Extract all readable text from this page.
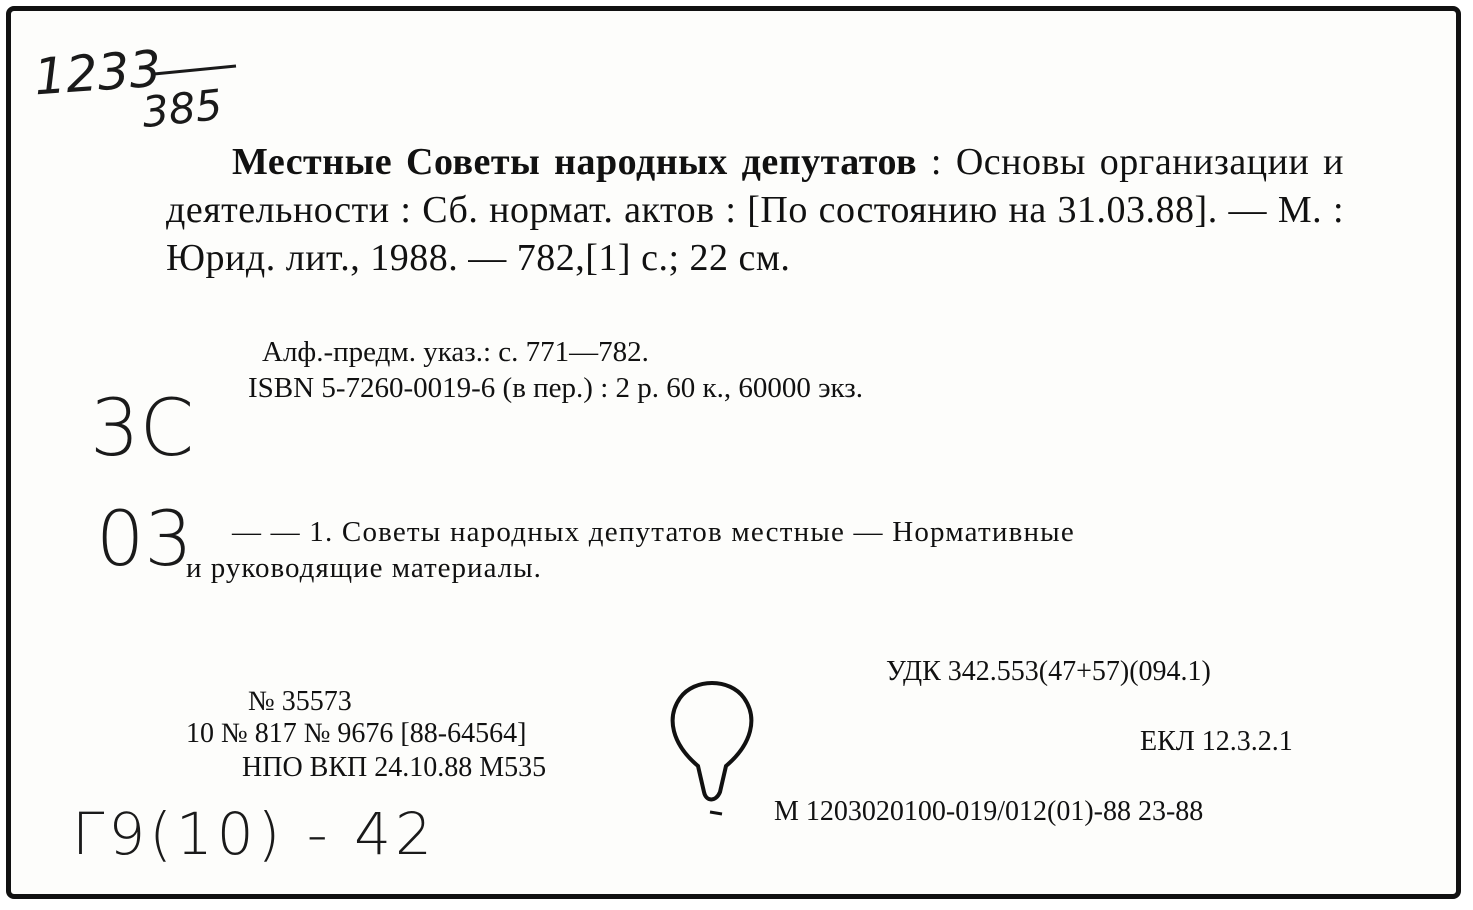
1233
385
Местные Советы народных депутатов : Основы организации и деятельности : Сб. нормат. актов : [По состоянию на 31.03.88]. — М. : Юрид. лит., 1988. — 782,[1] с.; 22 см.
Алф.-предм. указ.: с. 771—782.
ISBN 5-7260-0019-6 (в пер.) : 2 р. 60 к., 60000 экз.
3C
03 — — 1. Советы народных депутатов местные — Нормативные
и руководящие материалы.
УДК 342.553(47+57)(094.1)
ЕКЛ 12.3.2.1
М 1203020100-019/012(01)-88 23-88
№ 35573
10 № 817 № 9676 [88-64564]
НПО ВКП 24.10.88 М535
Г9(10) - 42
